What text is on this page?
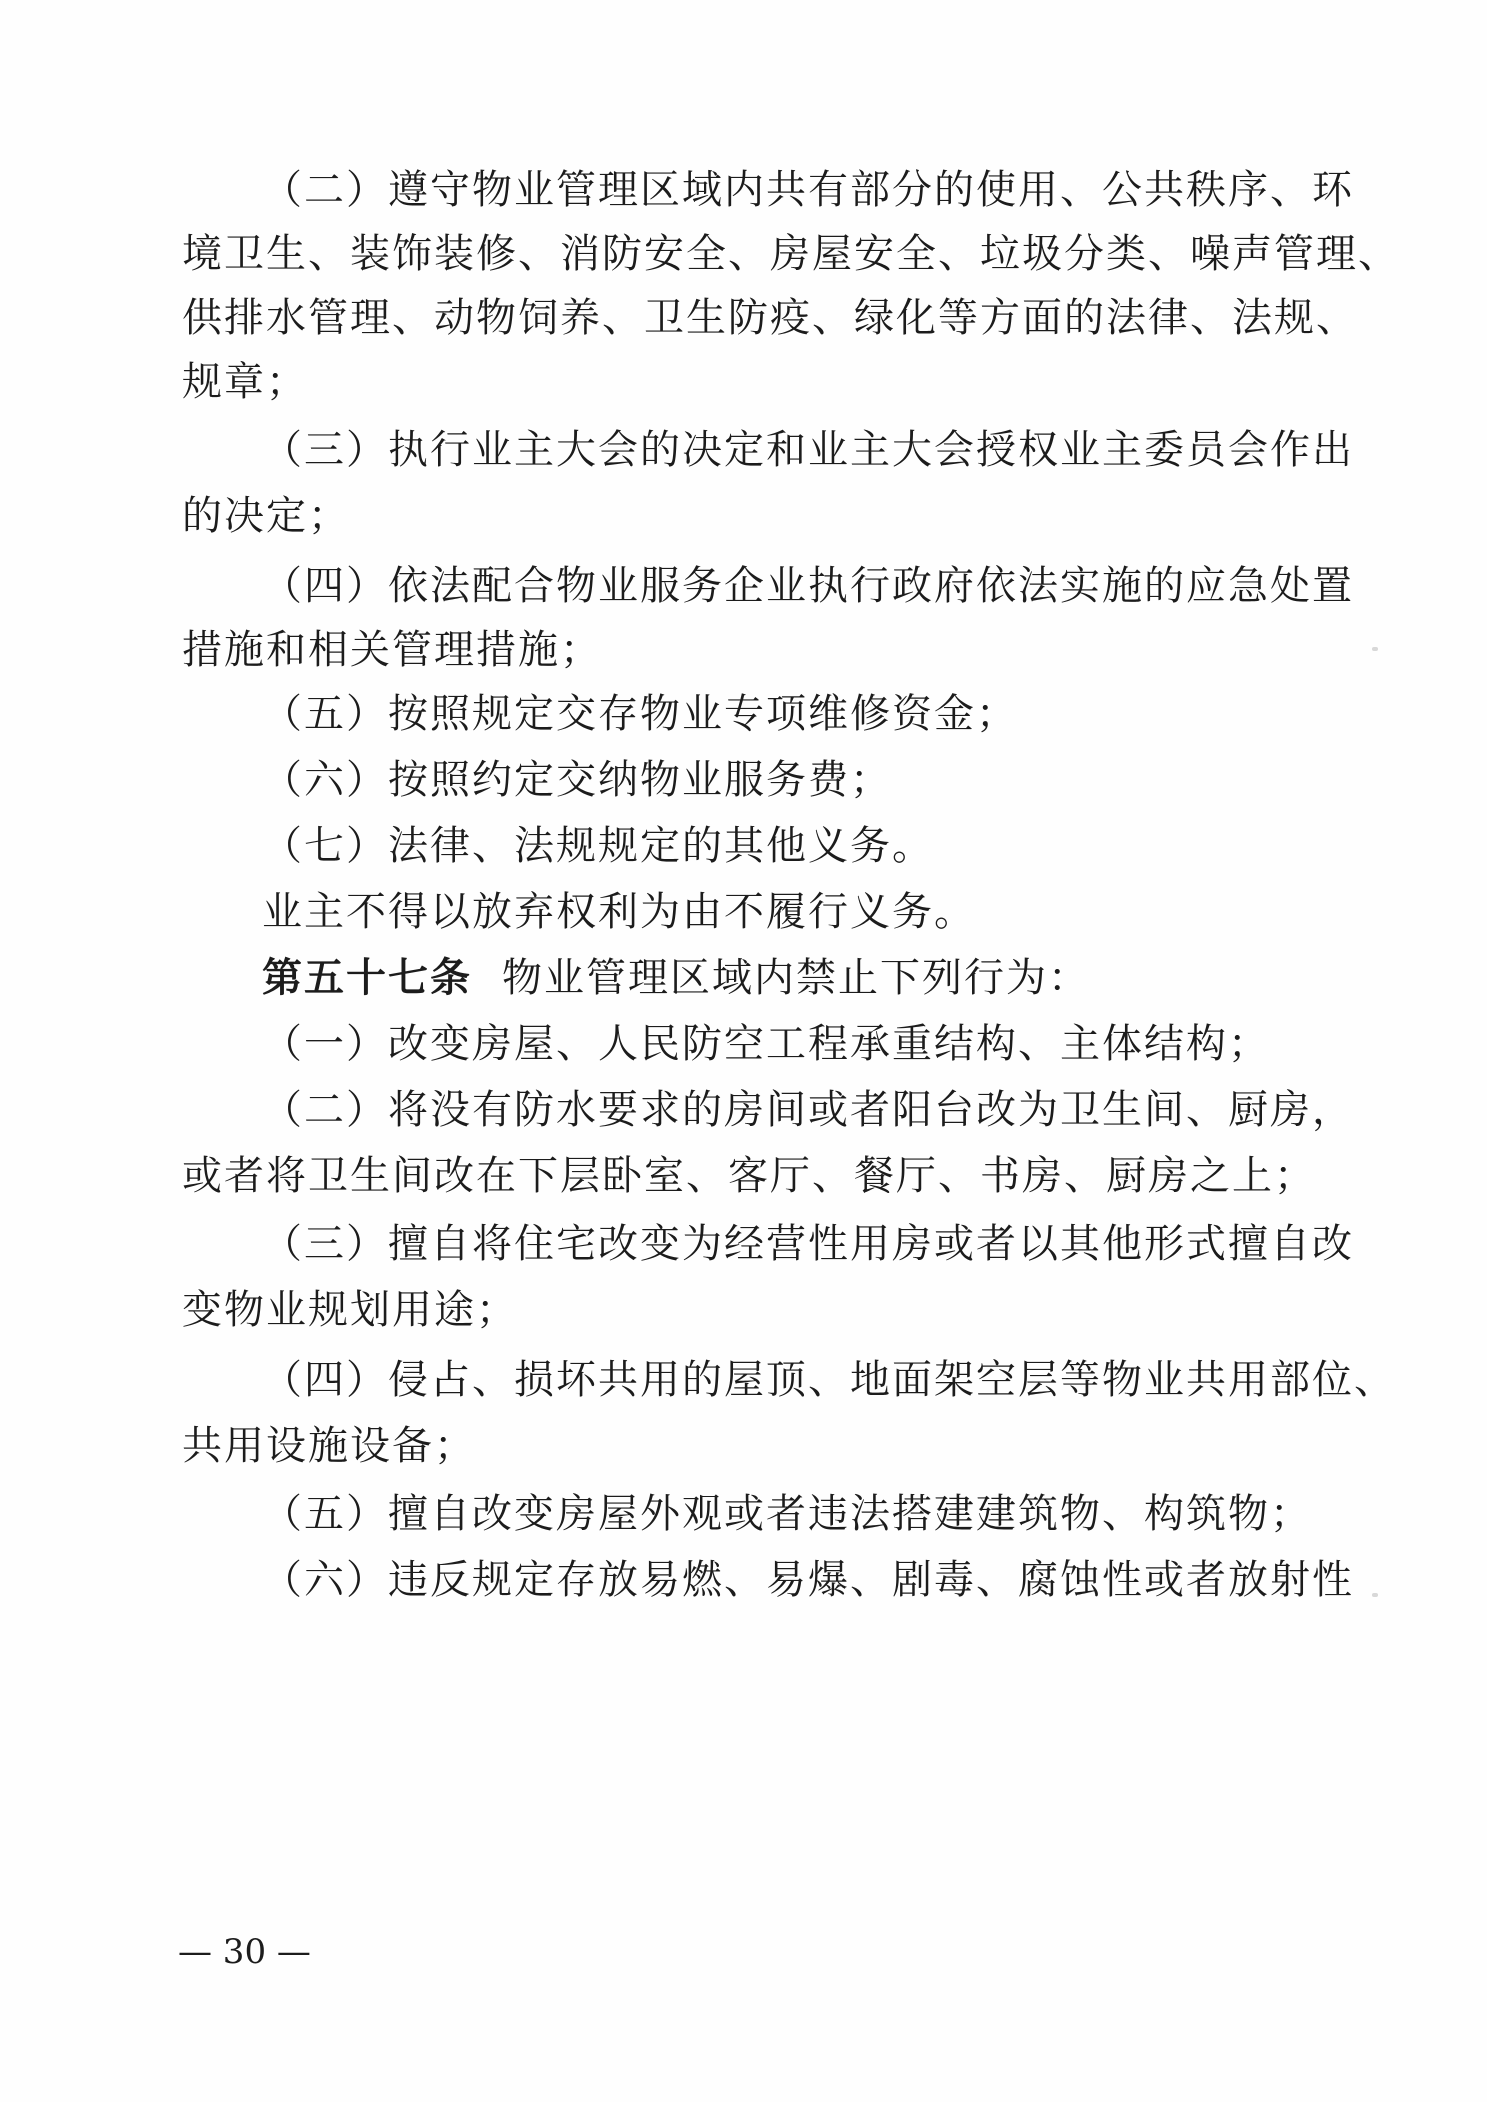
（二）遵守物业管理区域内共有部分的使用、公共秩序、环
境卫生、装饰装修、消防安全、房屋安全、垃圾分类、噪声管理、
供排水管理、动物饲养、卫生防疫、绿化等方面的法律、法规、
规章；
（三）执行业主大会的决定和业主大会授权业主委员会作出
的决定；
（四）依法配合物业服务企业执行政府依法实施的应急处置
措施和相关管理措施；
（五）按照规定交存物业专项维修资金；
（六）按照约定交纳物业服务费；
（七）法律、法规规定的其他义务。
业主不得以放弃权利为由不履行义务。
第五十七条 物业管理区域内禁止下列行为：
（一）改变房屋、人民防空工程承重结构、主体结构；
（二）将没有防水要求的房间或者阳台改为卫生间、厨房，
或者将卫生间改在下层卧室、客厅、餐厅、书房、厨房之上；
（三）擅自将住宅改变为经营性用房或者以其他形式擅自改
变物业规划用途；
（四）侵占、损坏共用的屋顶、地面架空层等物业共用部位、
共用设施设备；
（五）擅自改变房屋外观或者违法搭建建筑物、构筑物；
（六）违反规定存放易燃、易爆、剧毒、腐蚀性或者放射性
— 30 —
